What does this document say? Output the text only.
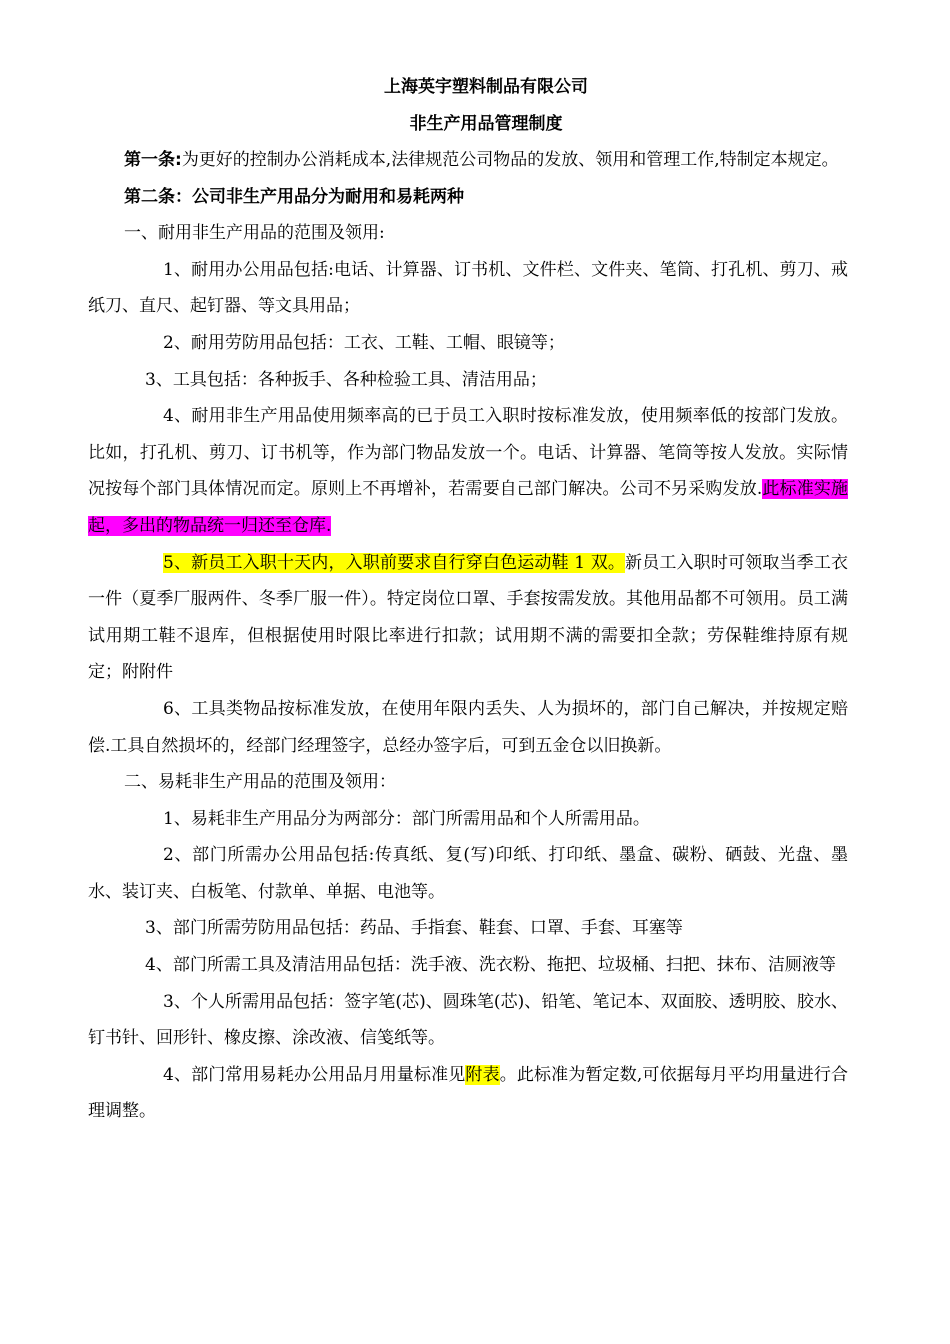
上海英宇塑料制品有限公司
非生产用品管理制度

第一条:为更好的控制办公消耗成本,法律规范公司物品的发放、领用和管理工作,特制定本规定。

第二条：公司非生产用品分为耐用和易耗两种

一、耐用非生产用品的范围及领用:

1、耐用办公用品包括:电话、计算器、订书机、文件栏、文件夹、笔筒、打孔机、剪刀、戒纸刀、直尺、起钉器、等文具用品；

2、耐用劳防用品包括：工衣、工鞋、工帽、眼镜等；

3、工具包括：各种扳手、各种检验工具、清洁用品；

4、耐用非生产用品使用频率高的已于员工入职时按标准发放，使用频率低的按部门发放。比如，打孔机、剪刀、订书机等，作为部门物品发放一个。电话、计算器、笔筒等按人发放。实际情况按每个部门具体情况而定。原则上不再增补，若需要自己部门解决。公司不另采购发放.此标准实施起，多出的物品统一归还至仓库.

5、新员工入职十天内，入职前要求自行穿白色运动鞋 1 双。新员工入职时可领取当季工衣一件（夏季厂服两件、冬季厂服一件）。特定岗位口罩、手套按需发放。其他用品都不可领用。员工满试用期工鞋不退库，但根据使用时限比率进行扣款；试用期不满的需要扣全款；劳保鞋维持原有规定；附附件

6、工具类物品按标准发放，在使用年限内丢失、人为损坏的，部门自己解决，并按规定赔偿.工具自然损坏的，经部门经理签字，总经办签字后，可到五金仓以旧换新。

二、易耗非生产用品的范围及领用：

1、易耗非生产用品分为两部分：部门所需用品和个人所需用品。

2、部门所需办公用品包括:传真纸、复(写)印纸、打印纸、墨盒、碳粉、硒鼓、光盘、墨水、装订夹、白板笔、付款单、单据、电池等。

3、部门所需劳防用品包括：药品、手指套、鞋套、口罩、手套、耳塞等

4、部门所需工具及清洁用品包括：洗手液、洗衣粉、拖把、垃圾桶、扫把、抹布、洁厕液等

3、个人所需用品包括：签字笔(芯)、圆珠笔(芯)、铅笔、笔记本、双面胶、透明胶、胶水、钉书针、回形针、橡皮擦、涂改液、信笺纸等。

4、部门常用易耗办公用品月用量标准见附表。此标准为暂定数,可依据每月平均用量进行合理调整。
